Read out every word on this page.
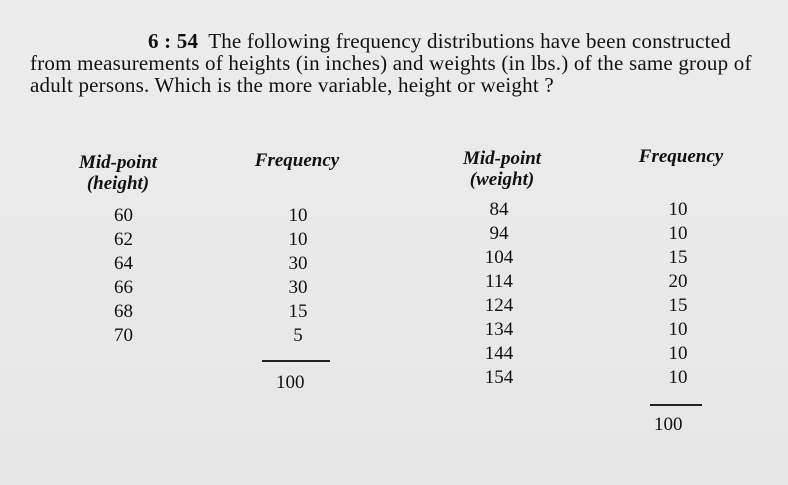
6 : 54 The following frequency distributions have been constructed from measurements of heights (in inches) and weights (in lbs.) of the same group of adult persons. Which is the more variable, height or weight ?
Mid-point
(height)
Frequency
60
62
64
66
68
70
10
10
30
30
15
5
100
Mid-point
(weight)
Frequency
84
94
104
114
124
134
144
154
10
10
15
20
15
10
10
10
100
